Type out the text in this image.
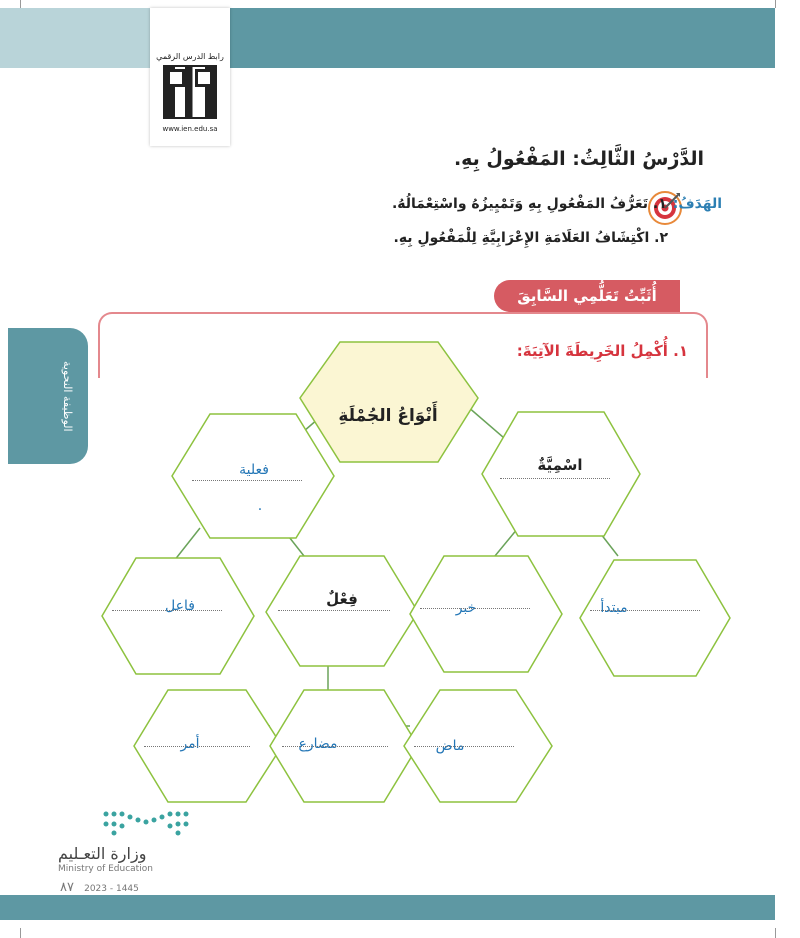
رابط الدرس الرقمي
www.ien.edu.sa
الوظيفة النحوية
الدَّرْسُ الثَّالِثُ: المَفْعُولُ بِهِ.
الهَدَفُ:
١. تَعَرُّفُ المَفْعُولِ بِهِ وَتَمْيِيزُهُ واسْتِعْمَالُهُ.
٢. اكْتِشَافُ العَلَامَةِ الإِعْرَابِيَّةِ لِلْمَفْعُولِ بِهِ.
أُثَبِّتُ تَعَلُّمِي السَّابِقَ
١. أُكْمِلُ الخَرِيطَةَ الآتِيَةَ:
أَنْوَاعُ الجُمْلَةِ
اسْمِيَّةٌ
فعلية
.
فاعل	فِعْلٌ	خبر	مبتدأ
أمر	مضارع	ماض
وزارة التعـليم
Ministry of Education
٨٧ 2023 - 1445
